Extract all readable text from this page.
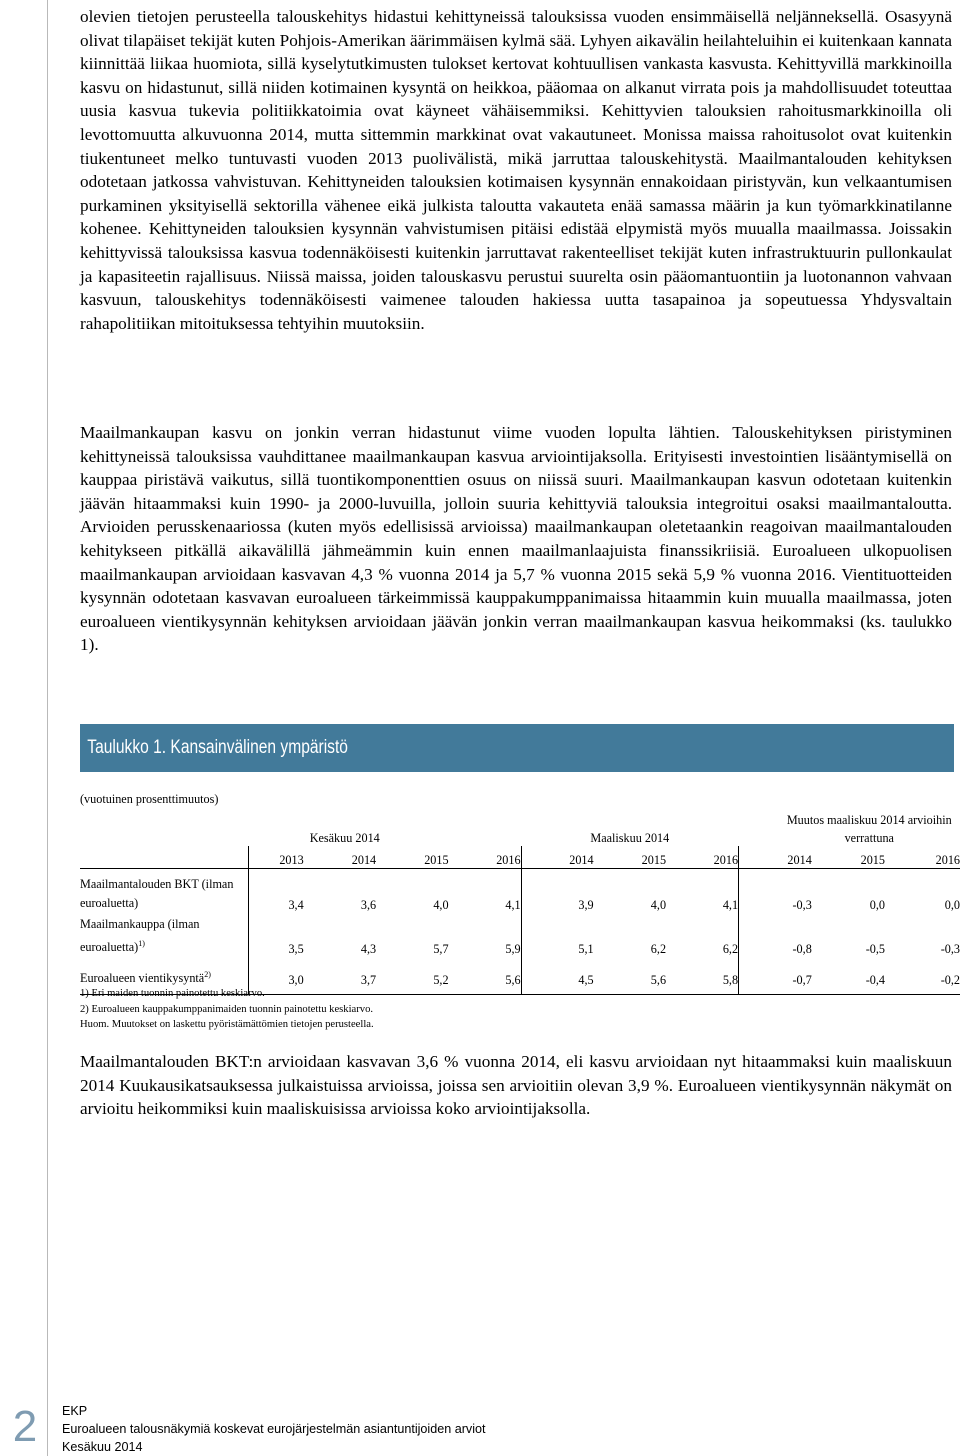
olevien tietojen perusteella talouskehitys hidastui kehittyneissä talouksissa vuoden ensimmäisellä neljänneksellä. Osasyynä olivat tilapäiset tekijät kuten Pohjois-Amerikan äärimmäisen kylmä sää. Lyhyen aikavälin heilahteluihin ei kuitenkaan kannata kiinnittää liikaa huomiota, sillä kyselytutkimusten tulokset kertovat kohtuullisen vankasta kasvusta. Kehittyvillä markkinoilla kasvu on hidastunut, sillä niiden kotimainen kysyntä on heikkoa, pääomaa on alkanut virrata pois ja mahdollisuudet toteuttaa uusia kasvua tukevia politiikkatoimia ovat käyneet vähäisemmiksi. Kehittyvien talouksien rahoitusmarkkinoilla oli levottomuutta alkuvuonna 2014, mutta sittemmin markkinat ovat vakautuneet. Monissa maissa rahoitusolot ovat kuitenkin tiukentuneet melko tuntuvasti vuoden 2013 puolivälistä, mikä jarruttaa talouskehitystä. Maailmantalouden kehityksen odotetaan jatkossa vahvistuvan. Kehittyneiden talouksien kotimaisen kysynnän ennakoidaan piristyvän, kun velkaantumisen purkaminen yksityisellä sektorilla vähenee eikä julkista taloutta vakauteta enää samassa määrin ja kun työmarkkinatilanne kohenee. Kehittyneiden talouksien kysynnän vahvistumisen pitäisi edistää elpymistä myös muualla maailmassa. Joissakin kehittyvissä talouksissa kasvua todennäköisesti kuitenkin jarruttavat rakenteelliset tekijät kuten infrastruktuurin pullonkaulat ja kapasiteetin rajallisuus. Niissä maissa, joiden talouskasvu perustui suurelta osin pääomantuontiin ja luotonannon vahvaan kasvuun, talouskehitys todennäköisesti vaimenee talouden hakiessa uutta tasapainoa ja sopeutuessa Yhdysvaltain rahapolitiikan mitoituksessa tehtyihin muutoksiin.

Maailmankaupan kasvu on jonkin verran hidastunut viime vuoden lopulta lähtien. Talouskehityksen piristyminen kehittyneissä talouksissa vauhdittanee maailmankaupan kasvua arviointijaksolla. Erityisesti investointien lisääntymisellä on kauppaa piristävä vaikutus, sillä tuontikomponenttien osuus on niissä suuri. Maailmankaupan kasvun odotetaan kuitenkin jäävän hitaammaksi kuin 1990- ja 2000-luvuilla, jolloin suuria kehittyviä talouksia integroitui osaksi maailmantaloutta. Arvioiden perusskenaariossa (kuten myös edellisissä arvioissa) maailmankaupan oletetaankin reagoivan maailmantalouden kehitykseen pitkällä aikavälillä jähmeämmin kuin ennen maailmanlaajuista finanssikriisiä. Euroalueen ulkopuolisen maailmankaupan arvioidaan kasvavan 4,3 % vuonna 2014 ja 5,7 % vuonna 2015 sekä 5,9 % vuonna 2016. Vientituotteiden kysynnän odotetaan kasvavan euroalueen tärkeimmissä kauppakumppanimaissa hitaammin kuin muualla maailmassa, joten euroalueen vientikysynnän kehityksen arvioidaan jäävän jonkin verran maailmankaupan kasvua heikommaksi (ks. taulukko 1).

Taulukko 1. Kansainvälinen ympäristö
(vuotuinen prosenttimuutos)
								Muutos maaliskuu 2014 arvioihin		
		Kesäkuu 2014			Maaliskuu 2014			verrattuna		
	2013	2014	2015	2016	2014	2015	2016	2014	2015	2016

Maailmantalouden BKT (ilman
euroaluetta)	3,4	3,6	4,0	4,1	3,9	4,0	4,1	-0,3	0,0	0,0

Maailmankauppa (ilman
euroaluetta)$^{1)}$	3,5	4,3	5,7	5,9	5,1	6,2	6,2	-0,8	-0,5	-0,3
Euroalueen vientikysyntä$^{2)}$	3,0	3,7	5,2	5,6	4,5	5,6	5,8	-0,7	-0,4	-0,2
1) Eri maiden tuonnin painotettu keskiarvo.
2) Euroalueen kauppakumppanimaiden tuonnin painotettu keskiarvo.
Huom. Muutokset on laskettu pyöristämättömien tietojen perusteella.

Maailmantalouden BKT:n arvioidaan kasvavan 3,6 % vuonna 2014, eli kasvu arvioidaan nyt hitaammaksi kuin maaliskuun 2014 Kuukausikatsauksessa julkaistuissa arvioissa, joissa sen arvioitiin olevan 3,9 %. Euroalueen vientikysynnän näkymät on arvioitu heikommiksi kuin maaliskuisissa arvioissa koko arviointijaksolla.

2	EKP
Euroalueen talousnäkymiä koskevat eurojärjestelmän asiantuntijoiden arviot
Kesäkuu 2014
